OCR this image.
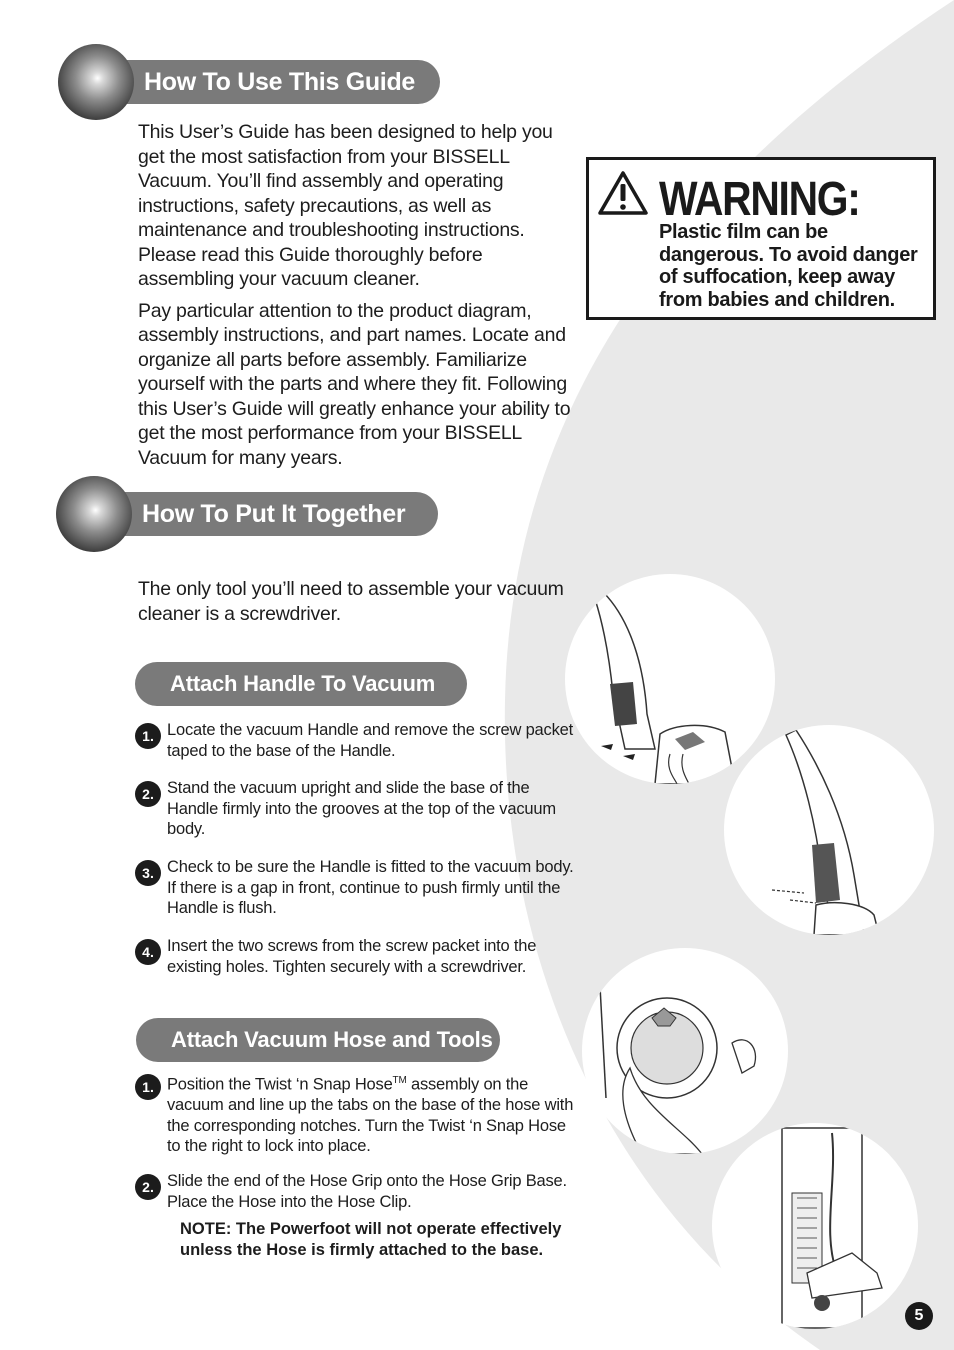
How To Use This Guide

This User’s Guide has been designed to help you get the most satisfaction from your BISSELL Vacuum. You’ll find assembly and operating instructions, safety precautions, as well as maintenance and troubleshooting instructions. Please read this Guide thoroughly before assembling your vacuum cleaner.

Pay particular attention to the product diagram, assembly instructions, and part names. Locate and organize all parts before assembly. Familiarize yourself with the parts and where they fit. Following this User’s Guide will greatly enhance your ability to get the most performance from your BISSELL Vacuum for many years.

WARNING:
Plastic film can be dangerous. To avoid danger of suffocation, keep away from babies and children.
How To Put It Together

The only tool you’ll need to assemble your vacuum cleaner is a screwdriver.

Attach Handle To Vacuum
1. Locate the vacuum Handle and remove the screw packet taped to the base of the Handle.
2. Stand the vacuum upright and slide the base of the Handle firmly into the grooves at the top of the vacuum body.
3. Check to be sure the Handle is fitted to the vacuum body. If there is a gap in front, continue to push firmly until the Handle is flush.
4. Insert the two screws from the screw packet into the existing holes. Tighten securely with a screwdriver.
Attach Vacuum Hose and Tools
1. Position the Twist ‘n Snap Hose™ assembly on the vacuum and line up the tabs on the base of the hose with the corresponding notches. Turn the Twist ‘n Snap Hose to the right to lock into place.
2. Slide the end of the Hose Grip onto the Hose Grip Base. Place the Hose into the Hose Clip.
NOTE: The Powerfoot will not operate effectively unless the Hose is firmly attached to the base.
5
